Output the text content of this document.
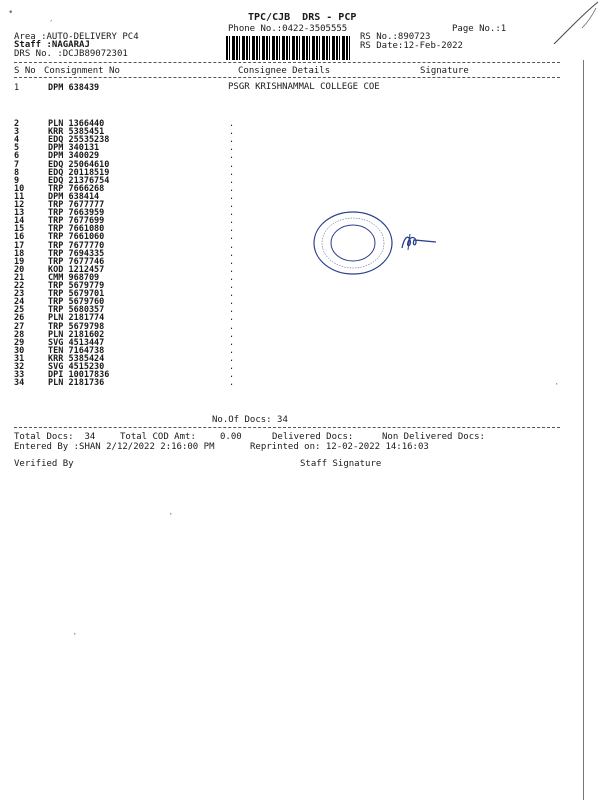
TPC/CJB  DRS - PCP
Phone No.:0422-3505555	Page No.:1
Area :AUTO-DELIVERY PC4
Staff :NAGARAJ
DRS No. :DCJB89072301
RS No.:890723
RS Date:12-Feb-2022
S No Consignment No	Consignee Details	Signature
1	DPM 638439	PSGR KRISHNAMMAL COLLEGE COE
2	PLN 1366440	.
3	KRR 5385451	.
4	EDQ 25535238	.
5	DPM 340131	.
6	DPM 340029	.
7	EDQ 25064610	.
8	EDQ 20118519	.
9	EDQ 21376754	.
10	TRP 7666268	.
11	DPM 638414	.
12	TRP 7677777	.
13	TRP 7663959	.
14	TRP 7677699	.
15	TRP 7661080	.
16	TRP 7661060	.
17	TRP 7677770	.
18	TRP 7694335	.
19	TRP 7677746	.
20	KOD 1212457	.
21	CMM 968709	.
22	TRP 5679779	.
23	TRP 5679701	.
24	TRP 5679760	.
25	TRP 5680357	.
26	PLN 2181774	.
27	TRP 5679798	.
28	PLN 2181602	.
29	SVG 4513447	.
30	TEN 7164738	.
31	KRR 5385424	.
32	SVG 4515230	.
33	DPI 10017836	.
34	PLN 2181736	.
No.Of Docs: 34
Total Docs:  34	Total COD Amt:	0.00	Delivered Docs:	Non Delivered Docs:
Entered By :SHAN 2/12/2022 2:16:00 PM	Reprinted on: 12-02-2022 14:16:03
Verified By	Staff Signature
•
´
·
·
·
